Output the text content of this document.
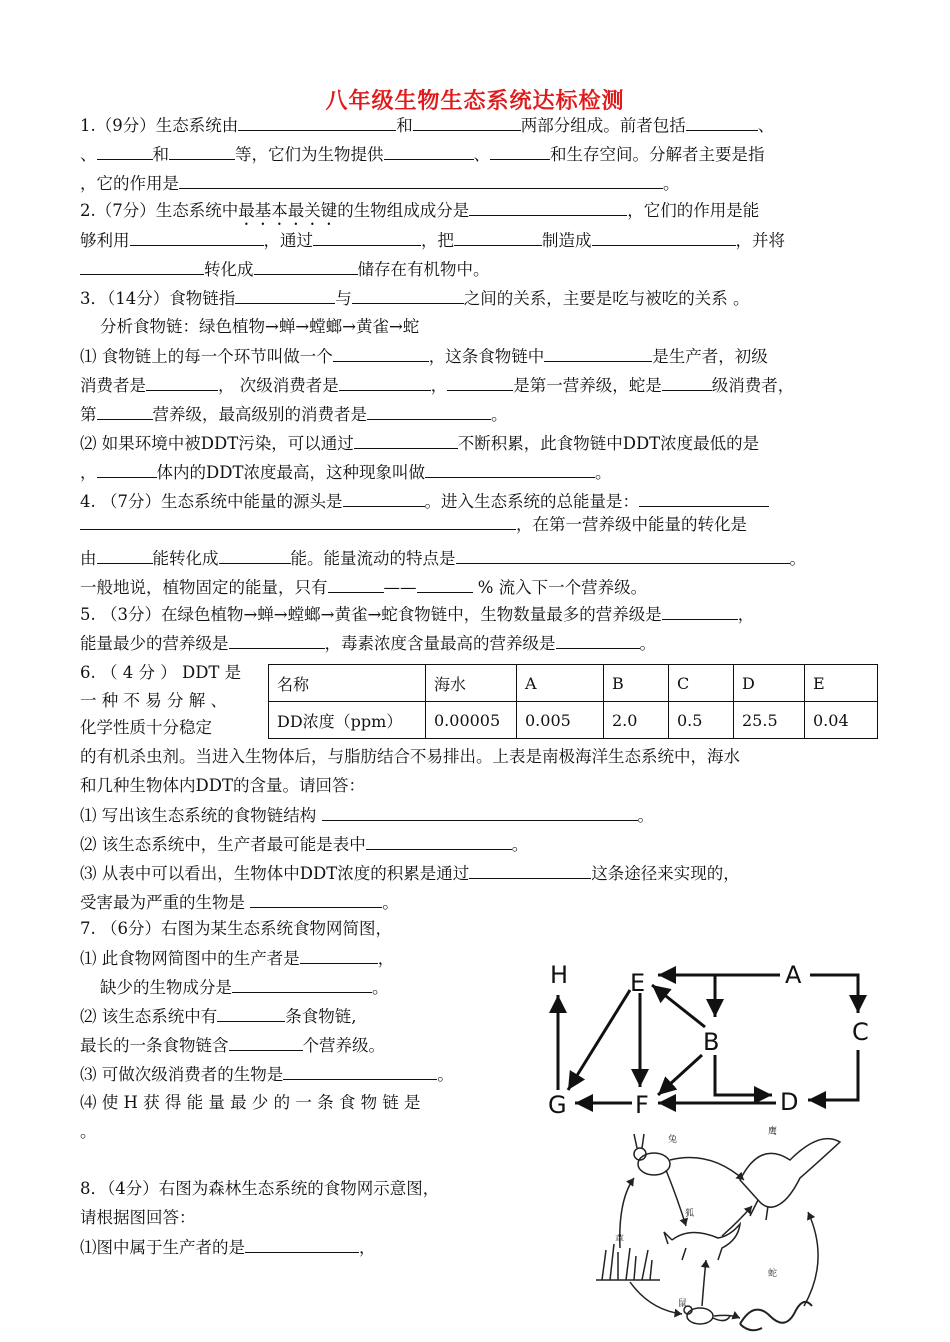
八年级生物生态系统达标检测
1.（9分）生态系统由	和	两部分组成。前者包括	、
、	和	等，它们为生物提供	、	和生存空间。分解者主要是指
，它的作用是	。
2.（7分）生态系统中最基本最关键的生物组成成分是	，它们的作用是能
够利用	，通过	，把	制造成	，并将
转化成	储存在有机物中。
3．（14分）食物链指	与	之间的关系，主要是吃与被吃的关系 。
分析食物链：绿色植物→蝉→螳螂→黄雀→蛇
⑴ 食物链上的每一个环节叫做一个	，这条食物链中	是生产者，初级
消费者是	， 次级消费者是	，	是第一营养级，蛇是	级消费者，
第	营养级，最高级别的消费者是	。
⑵ 如果环境中被DDT污染，可以通过	不断积累，此食物链中DDT浓度最低的是
，	体内的DDT浓度最高，这种现象叫做	。
4. （7分）生态系统中能量的源头是	。进入生态系统的总能量是：
，在第一营养级中能量的转化是
由	能转化成	能。能量流动的特点是	。
一般地说，植物固定的能量，只有	——	% 流入下一个营养级。
5. （3分）在绿色植物→蝉→螳螂→黄雀→蛇食物链中，生物数量最多的营养级是	，
能量最少的营养级是	，毒素浓度含量最高的营养级是	。
6. （ 4 分 ） DDT 是
一 种 不 易 分 解 、
化学性质十分稳定
名称	海水	A	B	C	D	E
DD浓度（ppm）	0.00005	0.005	2.0	0.5	25.5	0.04
的有机杀虫剂。当进入生物体后，与脂肪结合不易排出。上表是南极海洋生态系统中，海水
和几种生物体内DDT的含量。请回答：
⑴ 写出该生态系统的食物链结构	。
⑵ 该生态系统中，生产者最可能是表中	。
⑶ 从表中可以看出，生物体中DDT浓度的积累是通过	这条途径来实现的，
受害最为严重的生物是	。
7. （6分）右图为某生态系统食物网简图，
⑴ 此食物网简图中的生产者是	，
缺少的生物成分是	。
⑵ 该生态系统中有	条食物链,
最长的一条食物链含	个营养级。
⑶ 可做次级消费者的生物是	。
⑷ 使 H 获 得 能 量 最 少 的 一 条 食 物 链 是
。
H	E	A
B	C
G	F	D
8．（4分）右图为森林生态系统的食物网示意图，
请根据图回答：
⑴图中属于生产者的是	，
兔
鹰
狐
草
鼠
蛇
